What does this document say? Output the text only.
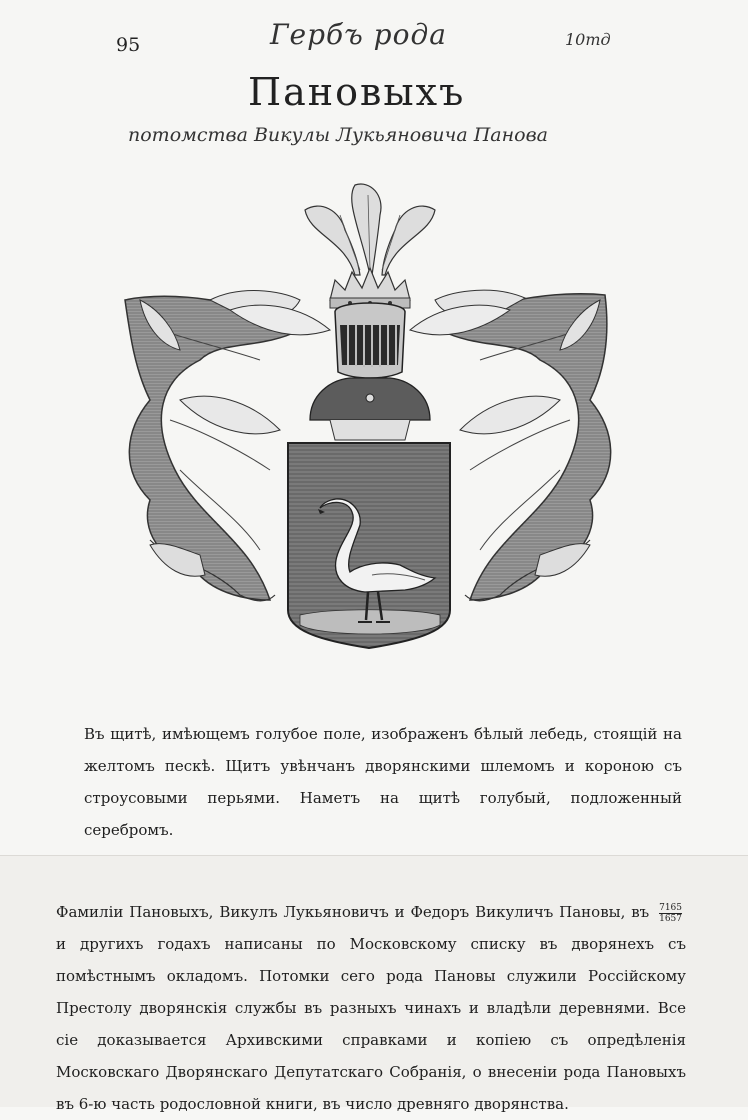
95	Гербъ рода	10тд
Пановыхъ
потомства Викулы Лукьяновича Панова

Въ щитѣ, имѣющемъ голубое поле, изображенъ бѣлый лебедь, стоящій на желтомъ пескѣ. Щитъ увѣнчанъ дворянскими шлемомъ и короною съ строусовыми перьями. Наметъ на щитѣ голубый, подложенный серебромъ.

Фамиліи Пановыхъ, Викулъ Лукьяновичъ и Федоръ Викуличъ Пановы, въ $\frac{7165}{1657}$
и другихъ годахъ написаны по Московскому списку въ дворянехъ съ помѣстнымъ окладомъ. Потомки сего рода Пановы служили Россійскому Престолу дворянскія службы въ разныхъ чинахъ и владѣли деревнями. Все сіе доказывается Архивскими справками и копіею съ опредѣленія Московскаго Дворянскаго Депутатскаго Собранія, о внесеніи рода Пановыхъ въ 6-ю часть родословной книги, въ число древняго дворянства.
